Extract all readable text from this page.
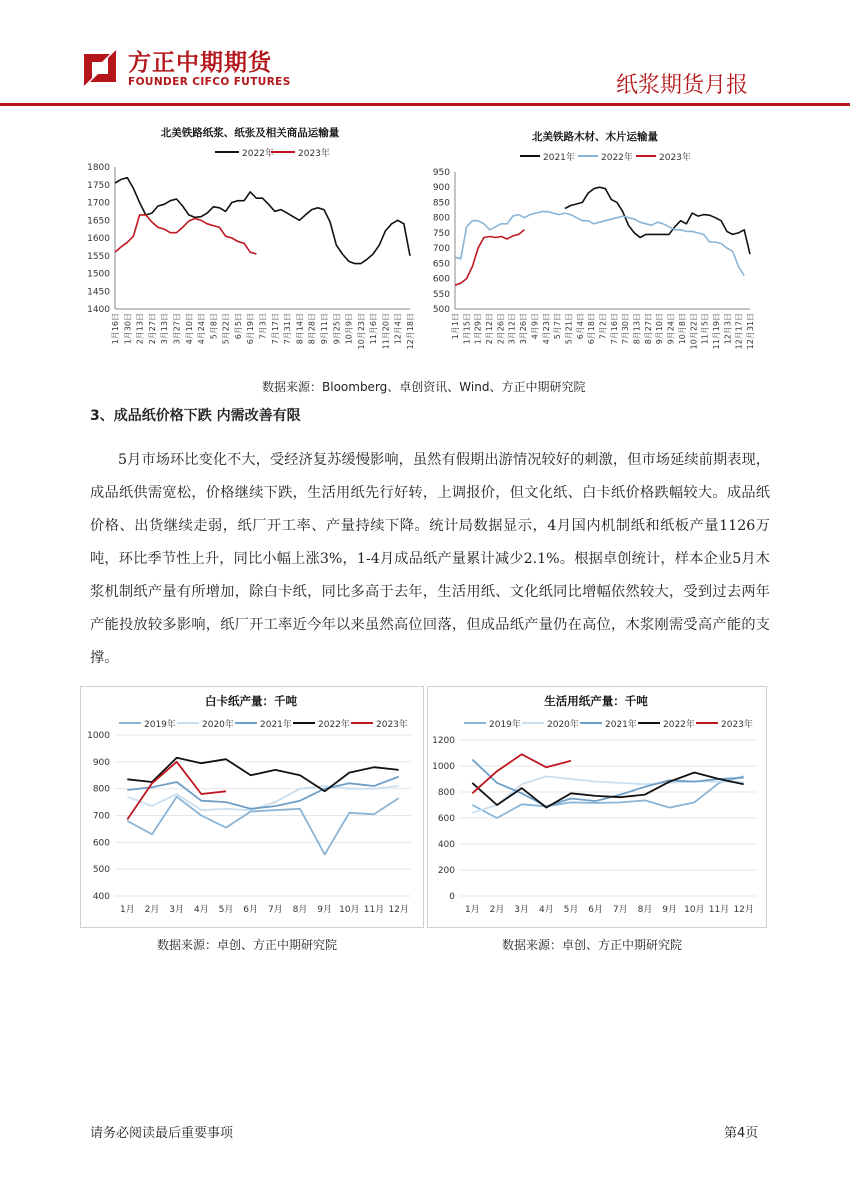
方正中期期货
FOUNDER CIFCO FUTURES	纸浆期货月报
北美铁路纸浆、纸张及相关商品运输量
2022年	2023年
1400
1450
1500
1550
1600
1650
1700
1750
1800
1月16日 1月30日 2月13日 2月27日 3月13日 3月27日 4月10日 4月24日 5月8日 5月22日 6月5日 6月19日 7月3日 7月17日 7月31日 8月14日 8月28日 9月11日 9月25日 10月9日 10月23日 11月6日 11月20日 12月4日 12月18日
北美铁路木材、木片运输量
2021年	2022年	2023年
500
550
600
650
700
750
800
850
900
950
1月1日 1月15日 1月29日 2月12日 2月26日 3月12日 3月26日 4月9日 4月23日 5月7日 5月21日 6月4日 6月18日 7月2日 7月16日 7月30日 8月13日 8月27日 9月10日 9月24日 10月8日 10月22日 11月5日 11月19日 12月3日 12月17日 12月31日
数据来源：Bloomberg、卓创资讯、Wind、方正中期研究院
3、成品纸价格下跌 内需改善有限
5月市场环比变化不大，受经济复苏缓慢影响，虽然有假期出游情况较好的刺激，但市场延续前期表现，成品纸供需宽松，价格继续下跌，生活用纸先行好转，上调报价，但文化纸、白卡纸价格跌幅较大。成品纸价格、出货继续走弱，纸厂开工率、产量持续下降。统计局数据显示，4月国内机制纸和纸板产量1126万吨，环比季节性上升，同比小幅上涨3%，1-4月成品纸产量累计减少2.1%。根据卓创统计，样本企业5月木浆机制纸产量有所增加，除白卡纸，同比多高于去年，生活用纸、文化纸同比增幅依然较大，受到过去两年产能投放较多影响，纸厂开工率近今年以来虽然高位回落，但成品纸产量仍在高位，木浆刚需受高产能的支撑。
白卡纸产量：千吨
2019年	2020年	2021年	2022年	2023年
400
500
600
700
800
900
1000
1月 2月 3月 4月 5月 6月 7月 8月 9月 10月 11月 12月
生活用纸产量：千吨
2019年	2020年	2021年	2022年	2023年
0
200
400
600
800
1000
1200
1月 2月 3月 4月 5月 6月 7月 8月 9月 10月 11月 12月
数据来源：卓创、方正中期研究院	数据来源：卓创、方正中期研究院
请务必阅读最后重要事项	第4页
